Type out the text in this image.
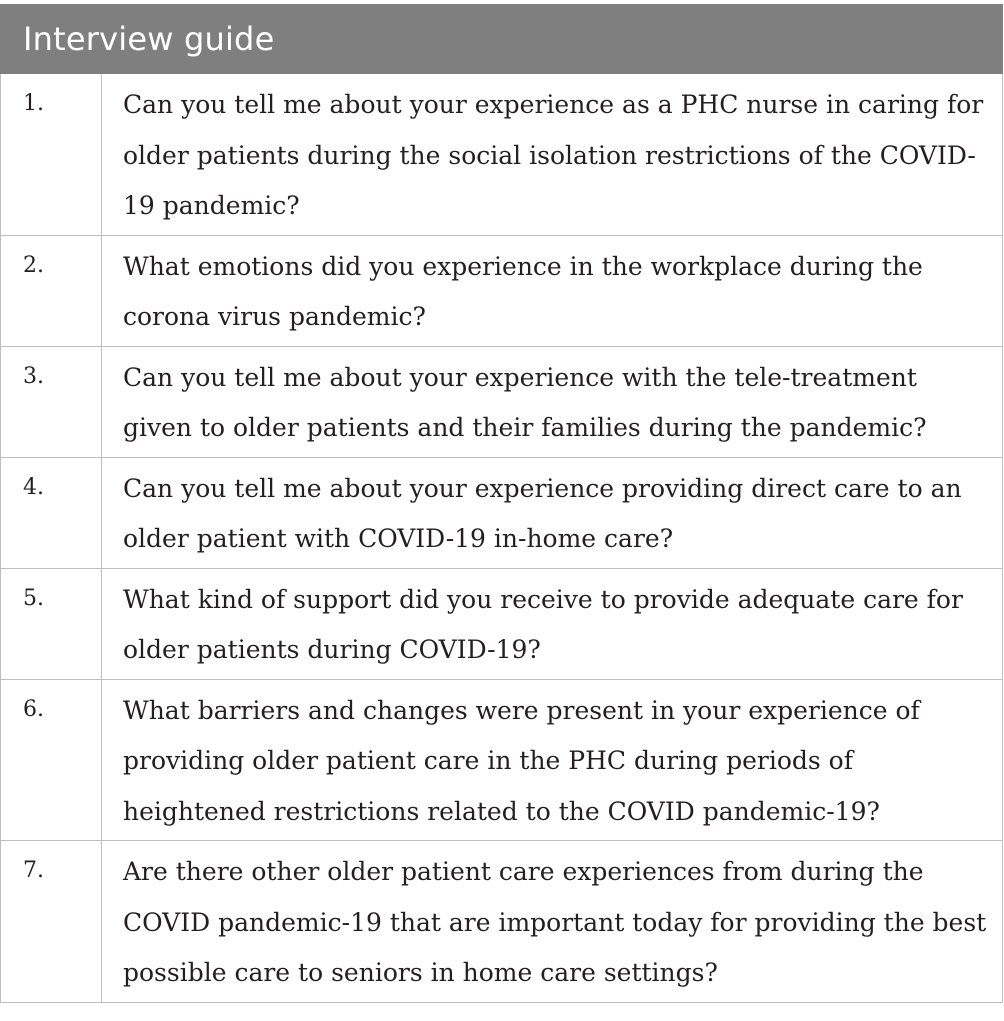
Interview guide	
1.	Can you tell me about your experience as a PHC nurse in caring for older patients during the social isolation restrictions of the COVID-19 pandemic?
2.	What emotions did you experience in the workplace during the corona virus pandemic?
3.	Can you tell me about your experience with the tele-treatment given to older patients and their families during the pandemic?
4.	Can you tell me about your experience providing direct care to an older patient with COVID-19 in-home care?
5.	What kind of support did you receive to provide adequate care for older patients during COVID-19?
6.	What barriers and changes were present in your experience of providing older patient care in the PHC during periods of heightened restrictions related to the COVID pandemic-19?
7.	Are there other older patient care experiences from during the COVID pandemic-19 that are important today for providing the best possible care to seniors in home care settings?
